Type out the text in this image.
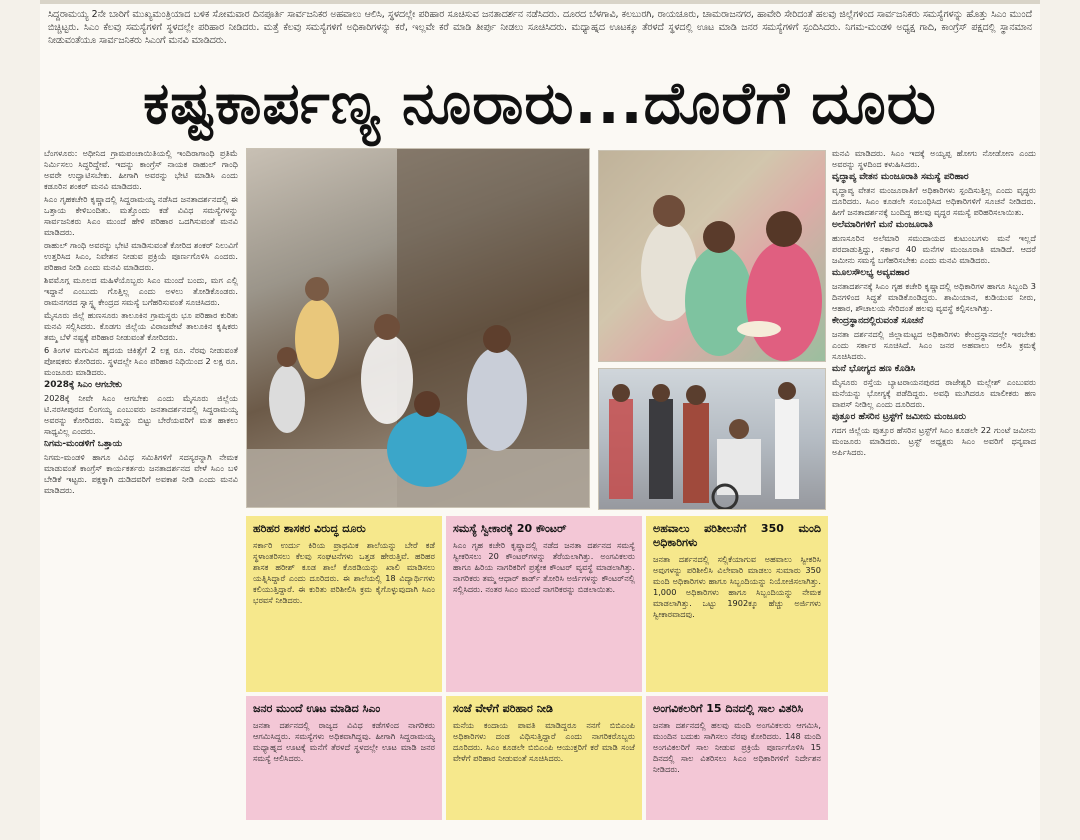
ಸಿದ್ದರಾಮಯ್ಯ 2ನೇ ಬಾರಿಗೆ ಮುಖ್ಯಮಂತ್ರಿಯಾದ ಬಳಿಕ ಸೋಮವಾರ ದಿನಪೂರ್ತಿ ಸಾರ್ವಜನಿಕರ ಅಹವಾಲು ಆಲಿಸಿ, ಸ್ಥಳದಲ್ಲೇ ಪರಿಹಾರ ಸೂಚಿಸುವ ಜನತಾದರ್ಶನ ನಡೆಸಿದರು. ದೂರದ ಬೆಳಗಾವಿ, ಕಲಬುರಗಿ, ರಾಯಚೂರು, ಚಾಮರಾಜನಗರ, ಹಾವೇರಿ ಸೇರಿದಂತೆ ಹಲವು ಜಿಲ್ಲೆಗಳಿಂದ ಸಾರ್ವಜನಿಕರು ಸಮಸ್ಯೆಗಳನ್ನು ಹೊತ್ತು ಸಿಎಂ ಮುಂದೆ ಬಿಚ್ಚಿಟ್ಟರು. ಸಿಎಂ ಕೆಲವು ಸಮಸ್ಯೆಗಳಿಗೆ ಸ್ಥಳದಲ್ಲೇ ಪರಿಹಾರ ನೀಡಿದರು. ಮತ್ತೆ ಕೆಲವು ಸಮಸ್ಯೆಗಳಿಗೆ ಅಧಿಕಾರಿಗಳನ್ನು ಕರೆ, ಇಲ್ಲವೇ ಕರೆ ಮಾಡಿ ತೀರ್ಪು ನೀಡಲು ಸೂಚಿಸಿದರು. ಮಧ್ಯಾಹ್ನದ ಊಟಕ್ಕೂ ತೆರಳದೆ ಸ್ಥಳದಲ್ಲಿ ಊಟ ಮಾಡಿ ಜನರ ಸಮಸ್ಯೆಗಳಿಗೆ ಸ್ಪಂದಿಸಿದರು. ನಿಗಮ-ಮಂಡಳಿ ಅಧ್ಯಕ್ಷ ಗಾದಿ, ಕಾಂಗ್ರೆಸ್ ಪಕ್ಷದಲ್ಲಿ ಸ್ಥಾನಮಾನ ನೀಡುವಂತೆಯೂ ಸಾರ್ವಜನಿಕರು ಸಿಎಂಗೆ ಮನವಿ ಮಾಡಿದರು.
ಕಷ್ಟಕಾರ್ಪಣ್ಯ ನೂರಾರು...ದೊರೆಗೆ ದೂರು

ಬೆಂಗಳೂರು: ಅಧೀನಿದ ಗ್ರಾಮಪಂಚಾಯಿತಿಯಲ್ಲಿ ಇಂದಿರಾಗಾಂಧಿ ಪ್ರತಿಮೆ ನಿರ್ಮಿಸಲು ಸಿದ್ಧರಿದ್ದೇವೆ. ಇದನ್ನು ಕಾಂಗ್ರೆಸ್ ನಾಯಕ ರಾಹುಲ್ ಗಾಂಧಿ ಅವರೇ ಉದ್ಘಾಟಿಸಬೇಕು. ಹೀಗಾಗಿ ಅವರನ್ನು ಭೇಟಿ ಮಾಡಿಸಿ ಎಂದು ಕಡೂರಿನ ಶಂಕರ್ ಮನವಿ ಮಾಡಿದರು.

ಸಿಎಂ ಗೃಹಕಚೇರಿ ಕೃಷ್ಣಾದಲ್ಲಿ ಸಿದ್ದರಾಮಯ್ಯ ನಡೆಸಿದ ಜನತಾದರ್ಶನದಲ್ಲಿ ಈ ಒತ್ತಾಯ ಕೇಳಿಬಂದಿತು. ಮತ್ತೊಂದು ಕಡೆ ವಿವಿಧ ಸಮಸ್ಯೆಗಳನ್ನು ಸಾರ್ವಜನಿಕರು ಸಿಎಂ ಮುಂದೆ ಹೇಳಿ ಪರಿಹಾರ ಒದಗಿಸುವಂತೆ ಮನವಿ ಮಾಡಿದರು.

ರಾಹುಲ್ ಗಾಂಧಿ ಅವರನ್ನು ಭೇಟಿ ಮಾಡಿಸುವಂತೆ ಕೋರಿದ ಶಂಕರ್ ನಿಲುವಿಗೆ ಉತ್ತರಿಸಿದ ಸಿಎಂ, ನಿವೇಶನ ನೀಡುವ ಪ್ರಕ್ರಿಯೆ ಪೂರ್ಣಗೊಳಿಸಿ ಎಂದರು. ಪರಿಹಾರ ನೀಡಿ ಎಂದು ಮನವಿ ಮಾಡಿದರು.

ಶಿವಮೊಗ್ಗ ಮೂಲದ ಮಹಿಳೆಯೊಬ್ಬರು ಸಿಎಂ ಮುಂದೆ ಬಂದು, ಮಗ ಎಲ್ಲಿ ಇದ್ದಾನೆ ಎಂಬುದು ಗೊತ್ತಿಲ್ಲ ಎಂದು ಅಳಲು ತೋಡಿಕೊಂಡರು. ರಾಮನಗರದ ಸ್ವಾಸ್ಥ್ಯ ಕೇಂದ್ರದ ಸಮಸ್ಯೆ ಬಗೆಹರಿಸುವಂತೆ ಸೂಚಿಸಿದರು.

ಮೈಸೂರು ಜಿಲ್ಲೆ ಹುಣಸೂರು ತಾಲೂಕಿನ ಗ್ರಾಮಸ್ಥರು ಭೂ ಪರಿಹಾರ ಕುರಿತು ಮನವಿ ಸಲ್ಲಿಸಿದರು. ಕೊಡಗು ಜಿಲ್ಲೆಯ ವಿರಾಜಪೇಟೆ ತಾಲೂಕಿನ ಕೃಷಿಕರು ತಮ್ಮ ಬೆಳೆ ನಷ್ಟಕ್ಕೆ ಪರಿಹಾರ ನೀಡುವಂತೆ ಕೋರಿದರು.

6 ತಿಂಗಳ ಮಗುವಿನ ಹೃದಯ ಚಿಕಿತ್ಸೆಗೆ 2 ಲಕ್ಷ ರೂ. ನೆರವು ನೀಡುವಂತೆ ಪೋಷಕರು ಕೋರಿದರು. ಸ್ಥಳದಲ್ಲೇ ಸಿಎಂ ಪರಿಹಾರ ನಿಧಿಯಿಂದ 2 ಲಕ್ಷ ರೂ. ಮಂಜೂರು ಮಾಡಿದರು.

2028ಕ್ಕೆ ಸಿಎಂ ಆಗಬೇಕು

2028ಕ್ಕೆ ನೀವೇ ಸಿಎಂ ಆಗಬೇಕು ಎಂದು ಮೈಸೂರು ಜಿಲ್ಲೆಯ ಟಿ.ನರಸೀಪುರದ ಲಿಂಗಯ್ಯ ಎಂಬುವರು ಜನತಾದರ್ಶನದಲ್ಲಿ ಸಿದ್ದರಾಮಯ್ಯ ಅವರನ್ನು ಕೋರಿದರು. ನಿಮ್ಮನ್ನು ಬಿಟ್ಟು ಬೇರೆಯವರಿಗೆ ಮತ ಹಾಕಲು ಸಾಧ್ಯವಿಲ್ಲ ಎಂದರು.

ನಿಗಮ-ಮಂಡಳಿಗೆ ಒತ್ತಾಯ

ನಿಗಮ-ಮಂಡಳಿ ಹಾಗೂ ವಿವಿಧ ಸಮಿತಿಗಳಿಗೆ ಸದಸ್ಯರನ್ನಾಗಿ ನೇಮಕ ಮಾಡುವಂತೆ ಕಾಂಗ್ರೆಸ್ ಕಾರ್ಯಕರ್ತರು ಜನತಾದರ್ಶನದ ವೇಳೆ ಸಿಎಂ ಬಳಿ ಬೇಡಿಕೆ ಇಟ್ಟರು. ಪಕ್ಷಕ್ಕಾಗಿ ದುಡಿದವರಿಗೆ ಅವಕಾಶ ನೀಡಿ ಎಂದು ಮನವಿ ಮಾಡಿದರು.

ಹರಿಹರ ಶಾಸಕರ ವಿರುದ್ಧ ದೂರು
ಸರ್ಕಾರಿ ಉರ್ದು ಕಿರಿಯ ಪ್ರಾಥಮಿಕ ಶಾಲೆಯನ್ನು ಬೇರೆ ಕಡೆ ಸ್ಥಳಾಂತರಿಸಲು ಕೆಲವು ಸಂಘಟನೆಗಳು ಒತ್ತಡ ಹೇರುತ್ತಿವೆ. ಹರಿಹರ ಶಾಸಕ ಹರೀಶ್ ಕೂಡ ಶಾಲೆ ಕೊಠಡಿಯನ್ನು ಖಾಲಿ ಮಾಡಿಸಲು ಯತ್ನಿಸಿದ್ದಾರೆ ಎಂದು ದೂರಿದರು. ಈ ಶಾಲೆಯಲ್ಲಿ 18 ವಿದ್ಯಾರ್ಥಿಗಳು ಕಲಿಯುತ್ತಿದ್ದಾರೆ. ಈ ಕುರಿತು ಪರಿಶೀಲಿಸಿ ಕ್ರಮ ಕೈಗೊಳ್ಳುವುದಾಗಿ ಸಿಎಂ ಭರವಸೆ ನೀಡಿದರು.
ಸಮಸ್ಯೆ ಸ್ವೀಕಾರಕ್ಕೆ 20 ಕೌಂಟರ್
ಸಿಎಂ ಗೃಹ ಕಚೇರಿ ಕೃಷ್ಣಾದಲ್ಲಿ ನಡೆದ ಜನತಾ ದರ್ಶನದ ಸಮಸ್ಯೆ ಸ್ವೀಕರಿಸಲು 20 ಕೌಂಟರ್‌ಗಳನ್ನು ತೆರೆಯಲಾಗಿತ್ತು. ಅಂಗವಿಕಲರು ಹಾಗೂ ಹಿರಿಯ ನಾಗರಿಕರಿಗೆ ಪ್ರತ್ಯೇಕ ಕೌಂಟರ್ ವ್ಯವಸ್ಥೆ ಮಾಡಲಾಗಿತ್ತು. ನಾಗರಿಕರು ತಮ್ಮ ಆಧಾರ್ ಕಾರ್ಡ್ ತೋರಿಸಿ ಅರ್ಜಿಗಳನ್ನು ಕೌಂಟರ್‌ನಲ್ಲಿ ಸಲ್ಲಿಸಿದರು. ನಂತರ ಸಿಎಂ ಮುಂದೆ ನಾಗರಿಕರನ್ನು ಬಿಡಲಾಯಿತು.
ಅಹವಾಲು ಪರಿಶೀಲನೆಗೆ 350 ಮಂದಿ ಅಧಿಕಾರಿಗಳು
ಜನತಾ ದರ್ಶನದಲ್ಲಿ ಸಲ್ಲಿಕೆಯಾಗುವ ಅಹವಾಲು ಸ್ವೀಕರಿಸಿ ಅವುಗಳನ್ನು ಪರಿಶೀಲಿಸಿ ವಿಲೇವಾರಿ ಮಾಡಲು ಸುಮಾರು 350 ಮಂದಿ ಅಧಿಕಾರಿಗಳು ಹಾಗೂ ಸಿಬ್ಬಂದಿಯನ್ನು ನಿಯೋಜಿಸಲಾಗಿತ್ತು. 1,000 ಅಧಿಕಾರಿಗಳು ಹಾಗೂ ಸಿಬ್ಬಂದಿಯನ್ನು ನೇಮಕ ಮಾಡಲಾಗಿತ್ತು. ಒಟ್ಟು 1902ಕ್ಕೂ ಹೆಚ್ಚು ಅರ್ಜಿಗಳು ಸ್ವೀಕಾರವಾದವು.
ಜನರ ಮುಂದೆ ಊಟ ಮಾಡಿದ ಸಿಎಂ
ಜನತಾ ದರ್ಶನದಲ್ಲಿ ರಾಜ್ಯದ ವಿವಿಧ ಕಡೆಗಳಿಂದ ನಾಗರಿಕರು ಆಗಮಿಸಿದ್ದರು. ಸಮಸ್ಯೆಗಳು ಅಧಿಕವಾಗಿದ್ದವು. ಹೀಗಾಗಿ ಸಿದ್ದರಾಮಯ್ಯ ಮಧ್ಯಾಹ್ನದ ಊಟಕ್ಕೆ ಮನೆಗೆ ತೆರಳದೆ ಸ್ಥಳದಲ್ಲೇ ಊಟ ಮಾಡಿ ಜನರ ಸಮಸ್ಯೆ ಆಲಿಸಿದರು.
ಸಂಜೆ ವೇಳೆಗೆ ಪರಿಹಾರ ನೀಡಿ
ಮನೆಯ ಕಂದಾಯ ಪಾವತಿ ಮಾಡಿದ್ದರೂ ನನಗೆ ಬಿಬಿಎಂಪಿ ಅಧಿಕಾರಿಗಳು ದಂಡ ವಿಧಿಸುತ್ತಿದ್ದಾರೆ ಎಂದು ನಾಗರಿಕರೊಬ್ಬರು ದೂರಿದರು. ಸಿಎಂ ಕೂಡಲೇ ಬಿಬಿಎಂಪಿ ಆಯುಕ್ತರಿಗೆ ಕರೆ ಮಾಡಿ ಸಂಜೆ ವೇಳೆಗೆ ಪರಿಹಾರ ನೀಡುವಂತೆ ಸೂಚಿಸಿದರು.
ಅಂಗವಿಕಲರಿಗೆ 15 ದಿನದಲ್ಲಿ ಸಾಲ ವಿತರಿಸಿ
ಜನತಾ ದರ್ಶನದಲ್ಲಿ ಹಲವು ಮಂದಿ ಅಂಗವಿಕಲರು ಆಗಮಿಸಿ, ಮುಂದಿನ ಬದುಕು ಸಾಗಿಸಲು ನೆರವು ಕೋರಿದರು. 148 ಮಂದಿ ಅಂಗವಿಕಲರಿಗೆ ಸಾಲ ನೀಡುವ ಪ್ರಕ್ರಿಯೆ ಪೂರ್ಣಗೊಳಿಸಿ 15 ದಿನದಲ್ಲಿ ಸಾಲ ವಿತರಿಸಲು ಸಿಎಂ ಅಧಿಕಾರಿಗಳಿಗೆ ನಿರ್ದೇಶನ ನೀಡಿದರು.

ಮನವಿ ಮಾಡಿದರು. ಸಿಎಂ ಇದಕ್ಕೆ ಅಯ್ಯಪ್ಪ ಹೋಗು ನೋಡೋಣ ಎಂದು ಅವರನ್ನು ಸ್ಥಳದಿಂದ ಕಳುಹಿಸಿದರು.

ವೃದ್ಧಾಪ್ಯ ವೇತನ ಮಂಜೂರಾತಿ ಸಮಸ್ಯೆ ಪರಿಹಾರ

ವೃದ್ಧಾಪ್ಯ ವೇತನ ಮಂಜೂರಾತಿಗೆ ಅಧಿಕಾರಿಗಳು ಸ್ಪಂದಿಸುತ್ತಿಲ್ಲ ಎಂದು ವೃದ್ಧರು ದೂರಿದರು. ಸಿಎಂ ಕೂಡಲೇ ಸಂಬಂಧಿಸಿದ ಅಧಿಕಾರಿಗಳಿಗೆ ಸೂಚನೆ ನೀಡಿದರು. ಹೀಗೆ ಜನತಾದರ್ಶನಕ್ಕೆ ಬಂದಿದ್ದ ಹಲವು ವೃದ್ಧರ ಸಮಸ್ಯೆ ಪರಿಹರಿಸಲಾಯಿತು.

ಅಲೆಮಾರಿಗಳಿಗೆ ಮನೆ ಮಂಜೂರಾತಿ

ಹುಣಸೂರಿನ ಅಲೆಮಾರಿ ಸಮುದಾಯದ ಕುಟುಂಬಗಳು ಮನೆ ಇಲ್ಲದೆ ಪರದಾಡುತ್ತಿದ್ದು, ಸರ್ಕಾರ 40 ಮನೆಗಳ ಮಂಜೂರಾತಿ ಮಾಡಿದೆ. ಆದರೆ ಜಮೀನು ಸಮಸ್ಯೆ ಬಗೆಹರಿಸಬೇಕು ಎಂದು ಮನವಿ ಮಾಡಿದರು.

ಮೂಲಸೌಲಭ್ಯ ಅವ್ಯವಹಾರ

ಜನತಾದರ್ಶನಕ್ಕೆ ಸಿಎಂ ಗೃಹ ಕಚೇರಿ ಕೃಷ್ಣಾದಲ್ಲಿ ಅಧಿಕಾರಿಗಳ ಹಾಗೂ ಸಿಬ್ಬಂದಿ 3 ದಿನಗಳಿಂದ ಸಿದ್ಧತೆ ಮಾಡಿಕೊಂಡಿದ್ದರು. ಶಾಮಿಯಾನ, ಕುಡಿಯುವ ನೀರು, ಆಹಾರ, ಶೌಚಾಲಯ ಸೇರಿದಂತೆ ಹಲವು ವ್ಯವಸ್ಥೆ ಕಲ್ಪಿಸಲಾಗಿತ್ತು.

ಕೇಂದ್ರಸ್ಥಾನದಲ್ಲಿರುವಂತೆ ಸೂಚನೆ

ಜನತಾ ದರ್ಶನದಲ್ಲಿ ಜಿಲ್ಲಾಮಟ್ಟದ ಅಧಿಕಾರಿಗಳು ಕೇಂದ್ರಸ್ಥಾನದಲ್ಲೇ ಇರಬೇಕು ಎಂದು ಸರ್ಕಾರ ಸೂಚಿಸಿದೆ. ಸಿಎಂ ಜನರ ಅಹವಾಲು ಆಲಿಸಿ ಕ್ರಮಕ್ಕೆ ಸೂಚಿಸಿದರು.

ಮನೆ ಭೋಗ್ಯದ ಹಣ ಕೊಡಿಸಿ

ಮೈಸೂರು ರಸ್ತೆಯ ಬ್ಯಾಟರಾಯನಪುರದ ರಾಜೇಶ್ವರಿ ಮಲ್ಲೇಶ್ ಎಂಬುವರು ಮನೆಯನ್ನು ಭೋಗ್ಯಕ್ಕೆ ಪಡೆದಿದ್ದರು. ಅವಧಿ ಮುಗಿದರೂ ಮಾಲೀಕರು ಹಣ ವಾಪಸ್ ನೀಡಿಲ್ಲ ಎಂದು ದೂರಿದರು.

ಪುತ್ತೂರ ಹೆಸರಿನ ಟ್ರಸ್ಟ್‌ಗೆ ಜಮೀನು ಮಂಜೂರು

ಗದಗ ಜಿಲ್ಲೆಯ ಪುತ್ತೂರ ಹೆಸರಿನ ಟ್ರಸ್ಟ್‌ಗೆ ಸಿಎಂ ಕೂಡಲೇ 22 ಗುಂಟೆ ಜಮೀನು ಮಂಜೂರು ಮಾಡಿದರು. ಟ್ರಸ್ಟ್ ಅಧ್ಯಕ್ಷರು ಸಿಎಂ ಅವರಿಗೆ ಧನ್ಯವಾದ ಅರ್ಪಿಸಿದರು.
